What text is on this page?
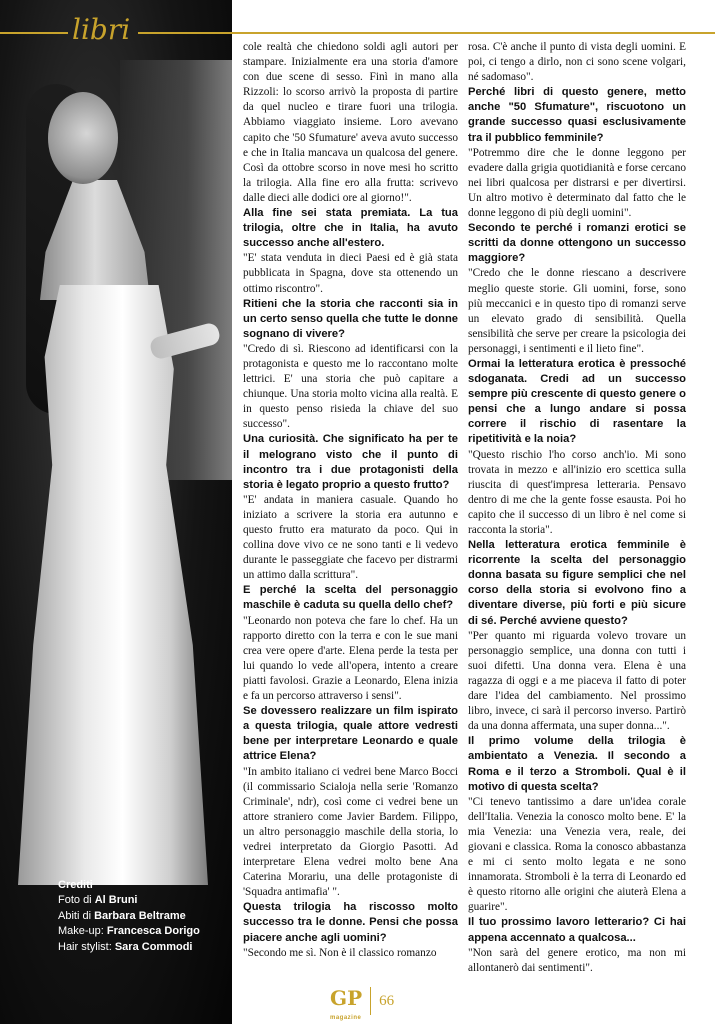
libri
Crediti
Foto di Al Bruni
Abiti di Barbara Beltrame
Make-up: Francesca Dorigo
Hair stylist: Sara Commodi

cole realtà che chiedono soldi agli autori per stampare. Inizialmente era una storia d'amore con due scene di sesso. Finì in mano alla Rizzoli: lo scorso arrivò la proposta di partire da quel nucleo e tirare fuori una trilogia. Abbiamo viaggiato insieme. Loro avevano capito che '50 Sfumature' aveva avuto successo e che in Italia mancava un qualcosa del genere. Così da ottobre scorso in nove mesi ho scritto la trilogia. Alla fine ero alla frutta: scrivevo dalle dieci alle dodici ore al giorno!".

Alla fine sei stata premiata. La tua trilogia, oltre che in Italia, ha avuto successo anche all'estero.

"E' stata venduta in dieci Paesi ed è già stata pubblicata in Spagna, dove sta ottenendo un ottimo riscontro".

Ritieni che la storia che racconti sia in un certo senso quella che tutte le donne sognano di vivere?

"Credo di sì. Riescono ad identificarsi con la protagonista e questo me lo raccontano molte lettrici. E' una storia che può capitare a chiunque. Una storia molto vicina alla realtà. E in questo penso risieda la chiave del suo successo".

Una curiosità. Che significato ha per te il melograno visto che il punto di incontro tra i due protagonisti della storia è legato proprio a questo frutto?

"E' andata in maniera casuale. Quando ho iniziato a scrivere la storia era autunno e questo frutto era maturato da poco. Qui in collina dove vivo ce ne sono tanti e li vedevo durante le passeggiate che facevo per distrarmi un attimo dalla scrittura".

E perché la scelta del personaggio maschile è caduta su quella dello chef?

"Leonardo non poteva che fare lo chef. Ha un rapporto diretto con la terra e con le sue mani crea vere opere d'arte. Elena perde la testa per lui quando lo vede all'opera, intento a creare piatti favolosi. Grazie a Leonardo, Elena inizia e fa un percorso attraverso i sensi".

Se dovessero realizzare un film ispirato a questa trilogia, quale attore vedresti bene per interpretare Leonardo e quale attrice Elena?

"In ambito italiano ci vedrei bene Marco Bocci (il commissario Scialoja nella serie 'Romanzo Criminale', ndr), così come ci vedrei bene un attore straniero come Javier Bardem. Filippo, un altro personaggio maschile della storia, lo vedrei interpretato da Giorgio Pasotti. Ad interpretare Elena vedrei molto bene Ana Caterina Morariu, una delle protagoniste di 'Squadra antimafia' ".

Questa trilogia ha riscosso molto successo tra le donne. Pensi che possa piacere anche agli uomini?

"Secondo me sì. Non è il classico romanzo

rosa. C'è anche il punto di vista degli uomini. E poi, ci tengo a dirlo, non ci sono scene volgari, né sadomaso".

Perché libri di questo genere, metto anche "50 Sfumature", riscuotono un grande successo quasi esclusivamente tra il pubblico femminile?

"Potremmo dire che le donne leggono per evadere dalla grigia quotidianità e forse cercano nei libri qualcosa per distrarsi e per divertirsi. Un altro motivo è determinato dal fatto che le donne leggono di più degli uomini".

Secondo te perché i romanzi erotici se scritti da donne ottengono un successo maggiore?

"Credo che le donne riescano a descrivere meglio queste storie. Gli uomini, forse, sono più meccanici e in questo tipo di romanzi serve un elevato grado di sensibilità. Quella sensibilità che serve per creare la psicologia dei personaggi, i sentimenti e il lieto fine".

Ormai la letteratura erotica è pressoché sdoganata. Credi ad un successo sempre più crescente di questo genere o pensi che a lungo andare si possa correre il rischio di rasentare la ripetitività e la noia?

"Questo rischio l'ho corso anch'io. Mi sono trovata in mezzo e all'inizio ero scettica sulla riuscita di quest'impresa letteraria. Pensavo dentro di me che la gente fosse esausta. Poi ho capito che il successo di un libro è nel come si racconta la storia".

Nella letteratura erotica femminile è ricorrente la scelta del personaggio donna basata su figure semplici che nel corso della storia si evolvono fino a diventare diverse, più forti e più sicure di sé. Perché avviene questo?

"Per quanto mi riguarda volevo trovare un personaggio semplice, una donna con tutti i suoi difetti. Una donna vera. Elena è una ragazza di oggi e a me piaceva il fatto di poter dare l'idea del cambiamento. Nel prossimo libro, invece, ci sarà il percorso inverso. Partirò da una donna affermata, una super donna...".

Il primo volume della trilogia è ambientato a Venezia. Il secondo a Roma e il terzo a Stromboli. Qual è il motivo di questa scelta?

"Ci tenevo tantissimo a dare un'idea corale dell'Italia. Venezia la conosco molto bene. E' la mia Venezia: una Venezia vera, reale, dei giovani e classica. Roma la conosco abbastanza e mi ci sento molto legata e ne sono innamorata. Stromboli è la terra di Leonardo ed è questo ritorno alle origini che aiuterà Elena a guarire".

Il tuo prossimo lavoro letterario? Ci hai appena accennato a qualcosa...

"Non sarà del genere erotico, ma non mi allontanerò dai sentimenti".

GP
magazine
66
